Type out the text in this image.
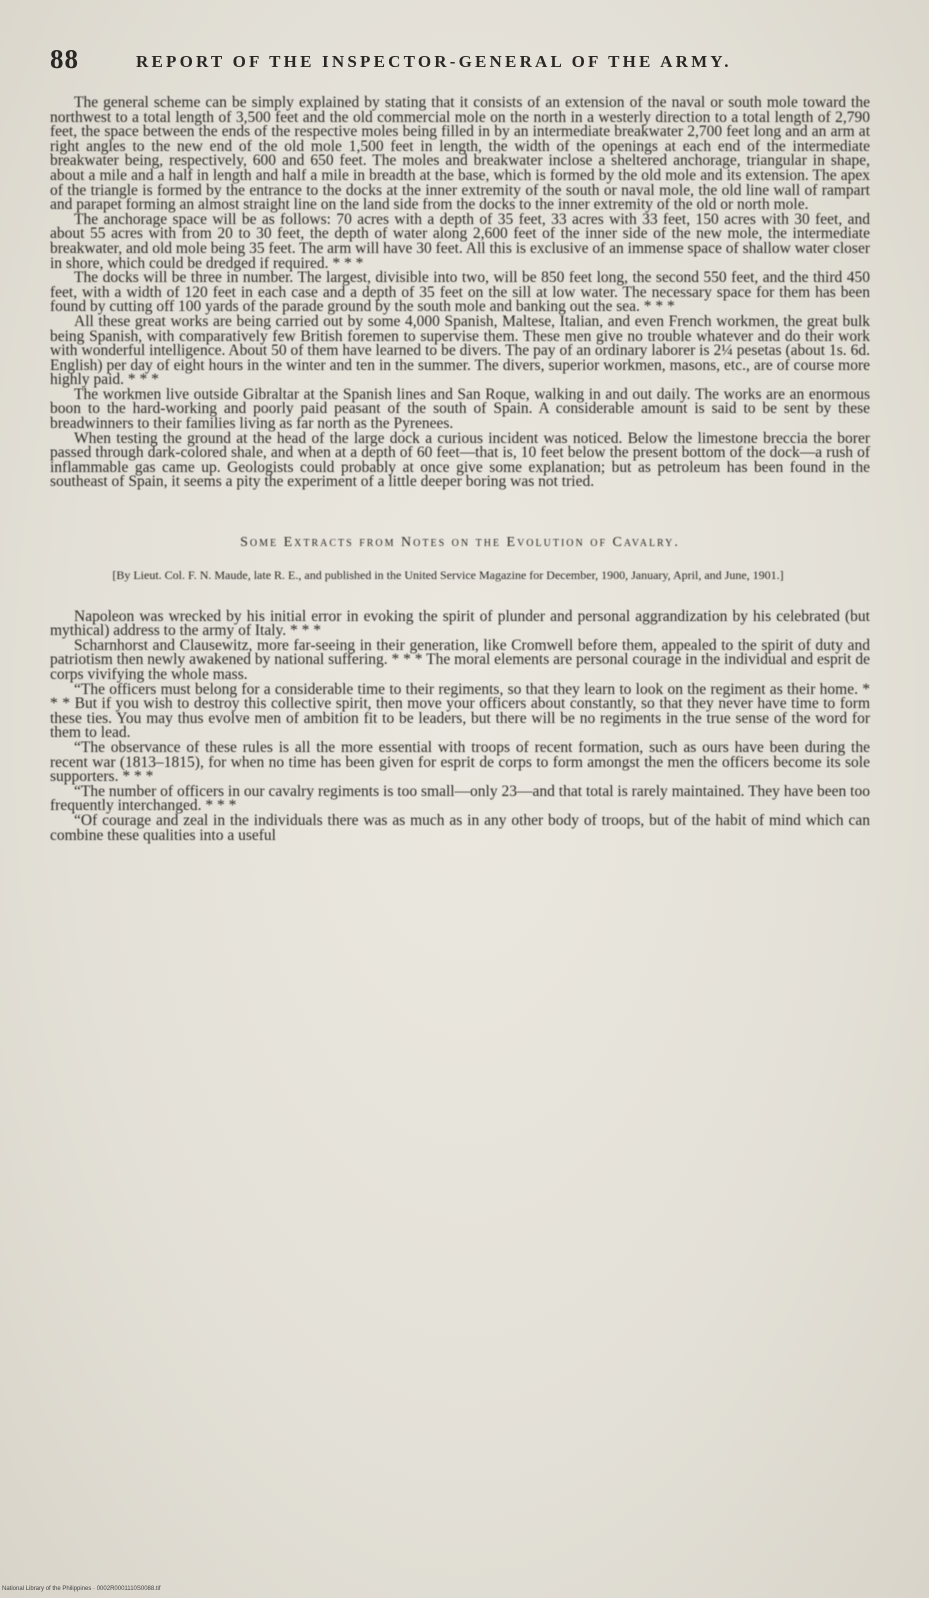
88	REPORT OF THE INSPECTOR-GENERAL OF THE ARMY.

The general scheme can be simply explained by stating that it consists of an extension of the naval or south mole toward the northwest to a total length of 3,500 feet and the old commercial mole on the north in a westerly direction to a total length of 2,790 feet, the space between the ends of the respective moles being filled in by an intermediate breakwater 2,700 feet long and an arm at right angles to the new end of the old mole 1,500 feet in length, the width of the openings at each end of the intermediate breakwater being, respectively, 600 and 650 feet. The moles and breakwater inclose a sheltered anchorage, triangular in shape, about a mile and a half in length and half a mile in breadth at the base, which is formed by the old mole and its extension. The apex of the triangle is formed by the entrance to the docks at the inner extremity of the south or naval mole, the old line wall of rampart and parapet forming an almost straight line on the land side from the docks to the inner extremity of the old or north mole.

The anchorage space will be as follows: 70 acres with a depth of 35 feet, 33 acres with 33 feet, 150 acres with 30 feet, and about 55 acres with from 20 to 30 feet, the depth of water along 2,600 feet of the inner side of the new mole, the intermediate breakwater, and old mole being 35 feet. The arm will have 30 feet. All this is exclusive of an immense space of shallow water closer in shore, which could be dredged if required. * * *

The docks will be three in number. The largest, divisible into two, will be 850 feet long, the second 550 feet, and the third 450 feet, with a width of 120 feet in each case and a depth of 35 feet on the sill at low water. The necessary space for them has been found by cutting off 100 yards of the parade ground by the south mole and banking out the sea. * * *

All these great works are being carried out by some 4,000 Spanish, Maltese, Italian, and even French workmen, the great bulk being Spanish, with comparatively few British foremen to supervise them. These men give no trouble whatever and do their work with wonderful intelligence. About 50 of them have learned to be divers. The pay of an ordinary laborer is 2¼ pesetas (about 1s. 6d. English) per day of eight hours in the winter and ten in the summer. The divers, superior workmen, masons, etc., are of course more highly paid. * * *

The workmen live outside Gibraltar at the Spanish lines and San Roque, walking in and out daily. The works are an enormous boon to the hard-working and poorly paid peasant of the south of Spain. A considerable amount is said to be sent by these breadwinners to their families living as far north as the Pyrenees.

When testing the ground at the head of the large dock a curious incident was noticed. Below the limestone breccia the borer passed through dark-colored shale, and when at a depth of 60 feet—that is, 10 feet below the present bottom of the dock—a rush of inflammable gas came up. Geologists could probably at once give some explanation; but as petroleum has been found in the southeast of Spain, it seems a pity the experiment of a little deeper boring was not tried.

Some Extracts from Notes on the Evolution of Cavalry.
[By Lieut. Col. F. N. Maude, late R. E., and published in the United Service Magazine for December, 1900, January, April, and June, 1901.]

Napoleon was wrecked by his initial error in evoking the spirit of plunder and personal aggrandization by his celebrated (but mythical) address to the army of Italy. * * *

Scharnhorst and Clausewitz, more far-seeing in their generation, like Cromwell before them, appealed to the spirit of duty and patriotism then newly awakened by national suffering. * * * The moral elements are personal courage in the individual and esprit de corps vivifying the whole mass.

“The officers must belong for a considerable time to their regiments, so that they learn to look on the regiment as their home. * * * But if you wish to destroy this collective spirit, then move your officers about constantly, so that they never have time to form these ties. You may thus evolve men of ambition fit to be leaders, but there will be no regiments in the true sense of the word for them to lead.

“The observance of these rules is all the more essential with troops of recent formation, such as ours have been during the recent war (1813–1815), for when no time has been given for esprit de corps to form amongst the men the officers become its sole supporters. * * *

“The number of officers in our cavalry regiments is too small—only 23—and that total is rarely maintained. They have been too frequently interchanged. * * *

“Of courage and zeal in the individuals there was as much as in any other body of troops, but of the habit of mind which can combine these qualities into a useful

National Library of the Philippines · 0002R0001110S0088.tif
